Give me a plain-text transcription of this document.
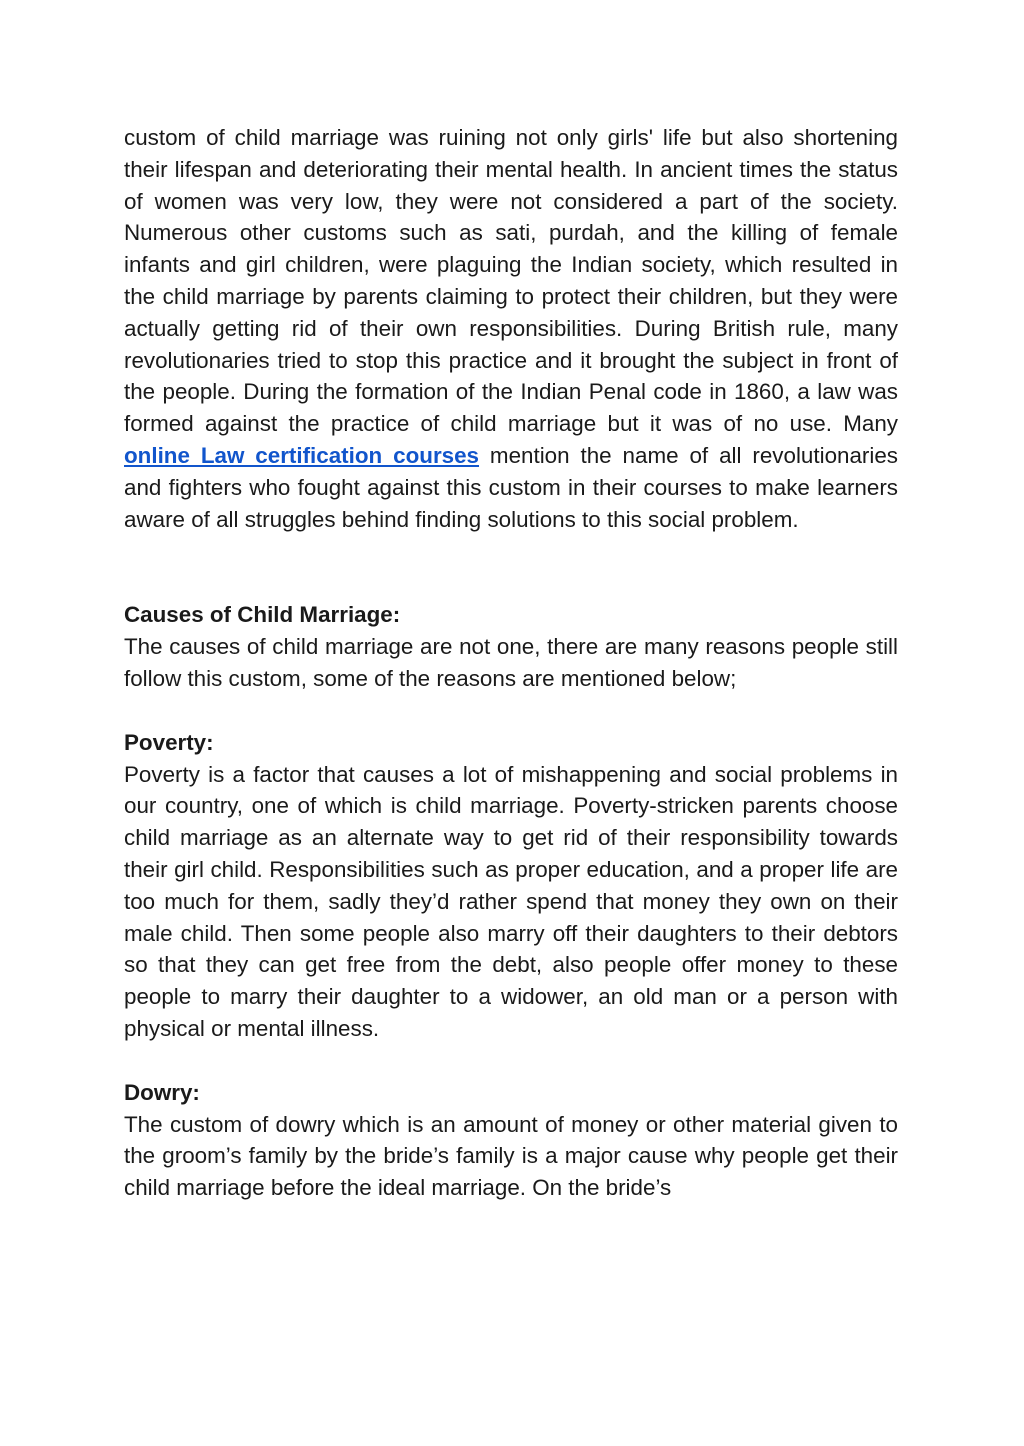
custom of child marriage was ruining not only girls' life but also shortening their lifespan and deteriorating their mental health. In ancient times the status of women was very low, they were not considered a part of the society. Numerous other customs such as sati, purdah, and the killing of female infants and girl children, were plaguing the Indian society, which resulted in the child marriage by parents claiming to protect their children, but they were actually getting rid of their own responsibilities. During British rule, many revolutionaries tried to stop this practice and it brought the subject in front of the people. During the formation of the Indian Penal code in 1860, a law was formed against the practice of child marriage but it was of no use. Many online Law certification courses mention the name of all revolutionaries and fighters who fought against this custom in their courses to make learners aware of all struggles behind finding solutions to this social problem.

Causes of Child Marriage:

The causes of child marriage are not one, there are many reasons people still follow this custom, some of the reasons are mentioned below;

Poverty:

Poverty is a factor that causes a lot of mishappening and social problems in our country, one of which is child marriage. Poverty-stricken parents choose child marriage as an alternate way to get rid of their responsibility towards their girl child. Responsibilities such as proper education, and a proper life are too much for them, sadly they’d rather spend that money they own on their male child. Then some people also marry off their daughters to their debtors so that they can get free from the debt, also people offer money to these people to marry their daughter to a widower, an old man or a person with physical or mental illness.

Dowry:

The custom of dowry which is an amount of money or other material given to the groom’s family by the bride’s family is a major cause why people get their child marriage before the ideal marriage. On the bride’s
